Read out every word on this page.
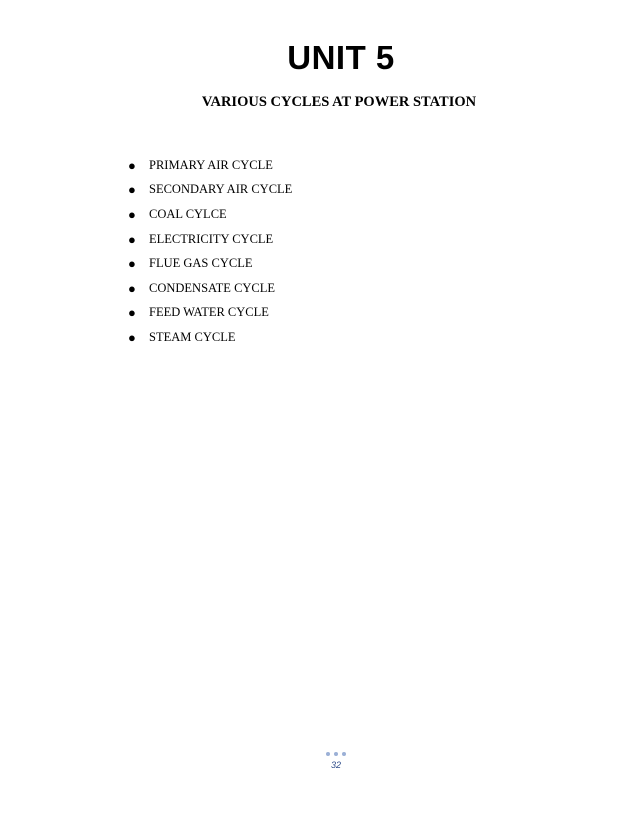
UNIT 5
VARIOUS CYCLES AT POWER STATION
●	PRIMARY AIR CYCLE
●	SECONDARY AIR CYCLE
●	COAL CYLCE
●	ELECTRICITY CYCLE
●	FLUE GAS CYCLE
●	CONDENSATE CYCLE
●	FEED WATER CYCLE
●	STEAM CYCLE
32
